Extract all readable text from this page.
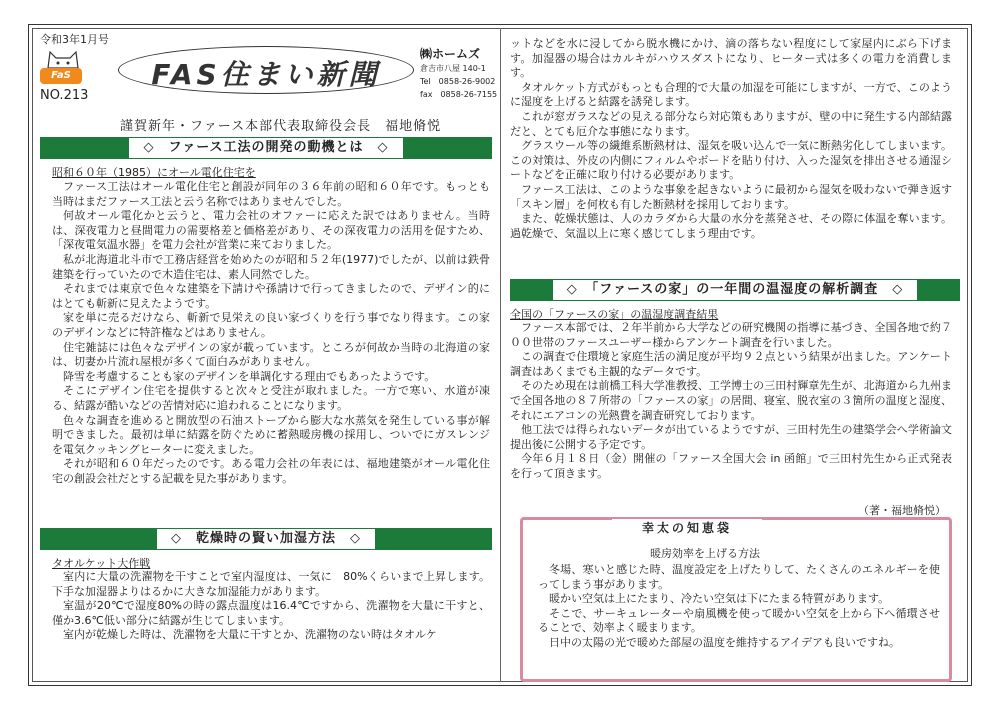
令和3年1月号
FaS
NO.213
FAS住まい新聞
㈱ホームズ
倉吉市八屋 140-1
Tel　0858-26-9002
fax　0858-26-7155
謹賀新年・ファース本部代表取締役会長　福地脩悦
◇　ファース工法の開発の動機とは　◇
昭和６０年（1985）にオール電化住宅を

ファース工法はオール電化住宅と創設が同年の３６年前の昭和６０年です。もっとも当時はまだファース工法と云う名称ではありませんでした。

何故オール電化かと云うと、電力会社のオファーに応えた訳ではありません。当時は、深夜電力と昼間電力の需要格差と価格差があり、その深夜電力の活用を促すため、「深夜電気温水器」を電力会社が営業に来ておりました。

私が北海道北斗市で工務店経営を始めたのが昭和５２年(1977)でしたが、以前は鉄骨建築を行っていたので木造住宅は、素人同然でした。

それまでは東京で色々な建築を下請けや孫請けで行ってきましたので、デザイン的にはとても斬新に見えたようです。

家を単に売るだけなら、斬新で見栄えの良い家づくりを行う事でなり得ます。この家のデザインなどに特許権などはありません。

住宅雑誌には色々なデザインの家が載っています。ところが何故か当時の北海道の家は、切妻か片流れ屋根が多くて面白みがありません。

降雪を考慮することも家のデザインを単調化する理由でもあったようです。

そこにデザイン住宅を提供すると次々と受注が取れました。一方で寒い、水道が凍る、結露が酷いなどの苦情対応に追われることになります。

色々な調査を進めると開放型の石油ストーブから膨大な水蒸気を発生している事が解明できました。最初は単に結露を防ぐために蓄熱暖房機の採用し、ついでにガスレンジを電気クッキングヒーターに変えました。

それが昭和６０年だったのです。ある電力会社の年表には、福地建築がオール電化住宅の創設会社だとする記載を見た事があります。

◇　乾燥時の賢い加湿方法　◇
タオルケット大作戦

室内に大量の洗濯物を干すことで室内湿度は、一気に　80%くらいまで上昇します。下手な加湿器よりはるかに大きな加湿能力があります。

室温が20℃で湿度80%の時の露点温度は16.4℃ですから、洗濯物を大量に干すと、僅か3.6℃低い部分に結露が生じてしまいます。

室内が乾燥した時は、洗濯物を大量に干すとか、洗濯物のない時はタオルケ

ットなどを水に浸してから脱水機にかけ、滴の落ちない程度にして家屋内にぶら下げます。加湿器の場合はカルキがハウスダストになり、ヒーター式は多くの電力を消費します。

タオルケット方式がもっとも合理的で大量の加湿を可能にしますが、一方で、このように湿度を上げると結露を誘発します。

これが窓ガラスなどの見える部分なら対応策もありますが、壁の中に発生する内部結露だと、とても厄介な事態になります。

グラスウール等の繊維系断熱材は、湿気を吸い込んで一気に断熱劣化してしまいます。この対策は、外皮の内側にフィルムやボードを貼り付け、入った湿気を排出させる通湿シートなどを正確に取り付ける必要があります。

ファース工法は、このような事象を起きないように最初から湿気を吸わないで弾き返す「スキン層」を何枚も有した断熱材を採用しております。

また、乾燥状態は、人のカラダから大量の水分を蒸発させ、その際に体温を奪います。過乾燥で、気温以上に寒く感じてしまう理由です。

◇　「ファースの家」の一年間の温湿度の解析調査　◇
全国の「ファースの家」の温湿度調査結果

ファース本部では、２年半前から大学などの研究機関の指導に基づき、全国各地で約７００世帯のファースユーザー様からアンケート調査を行いました。

この調査で住環境と家庭生活の満足度が平均９２点という結果が出ました。アンケート調査はあくまでも主観的なデータです。

そのため現在は前橋工科大学准教授、工学博士の三田村輝章先生が、北海道から九州まで全国各地の８７所帯の「ファースの家」の居間、寝室、脱衣室の３箇所の温度と湿度、それにエアコンの光熱費を調査研究しております。

他工法では得られないデータが出ているようですが、三田村先生の建築学会へ学術論文提出後に公開する予定です。

今年６月１８日（金）開催の「ファース全国大会 in 函館」で三田村先生から正式発表を行って頂きます。

（著・福地脩悦）
幸太の知恵袋
暖房効率を上げる方法

冬場、寒いと感じた時、温度設定を上げたりして、たくさんのエネルギーを使ってしまう事があります。

暖かい空気は上にたまり、冷たい空気は下にたまる特質があります。

そこで、サーキュレーターや扇風機を使って暖かい空気を上から下へ循環させることで、効率よく暖まります。

日中の太陽の光で暖めた部屋の温度を維持するアイデアも良いですね。
